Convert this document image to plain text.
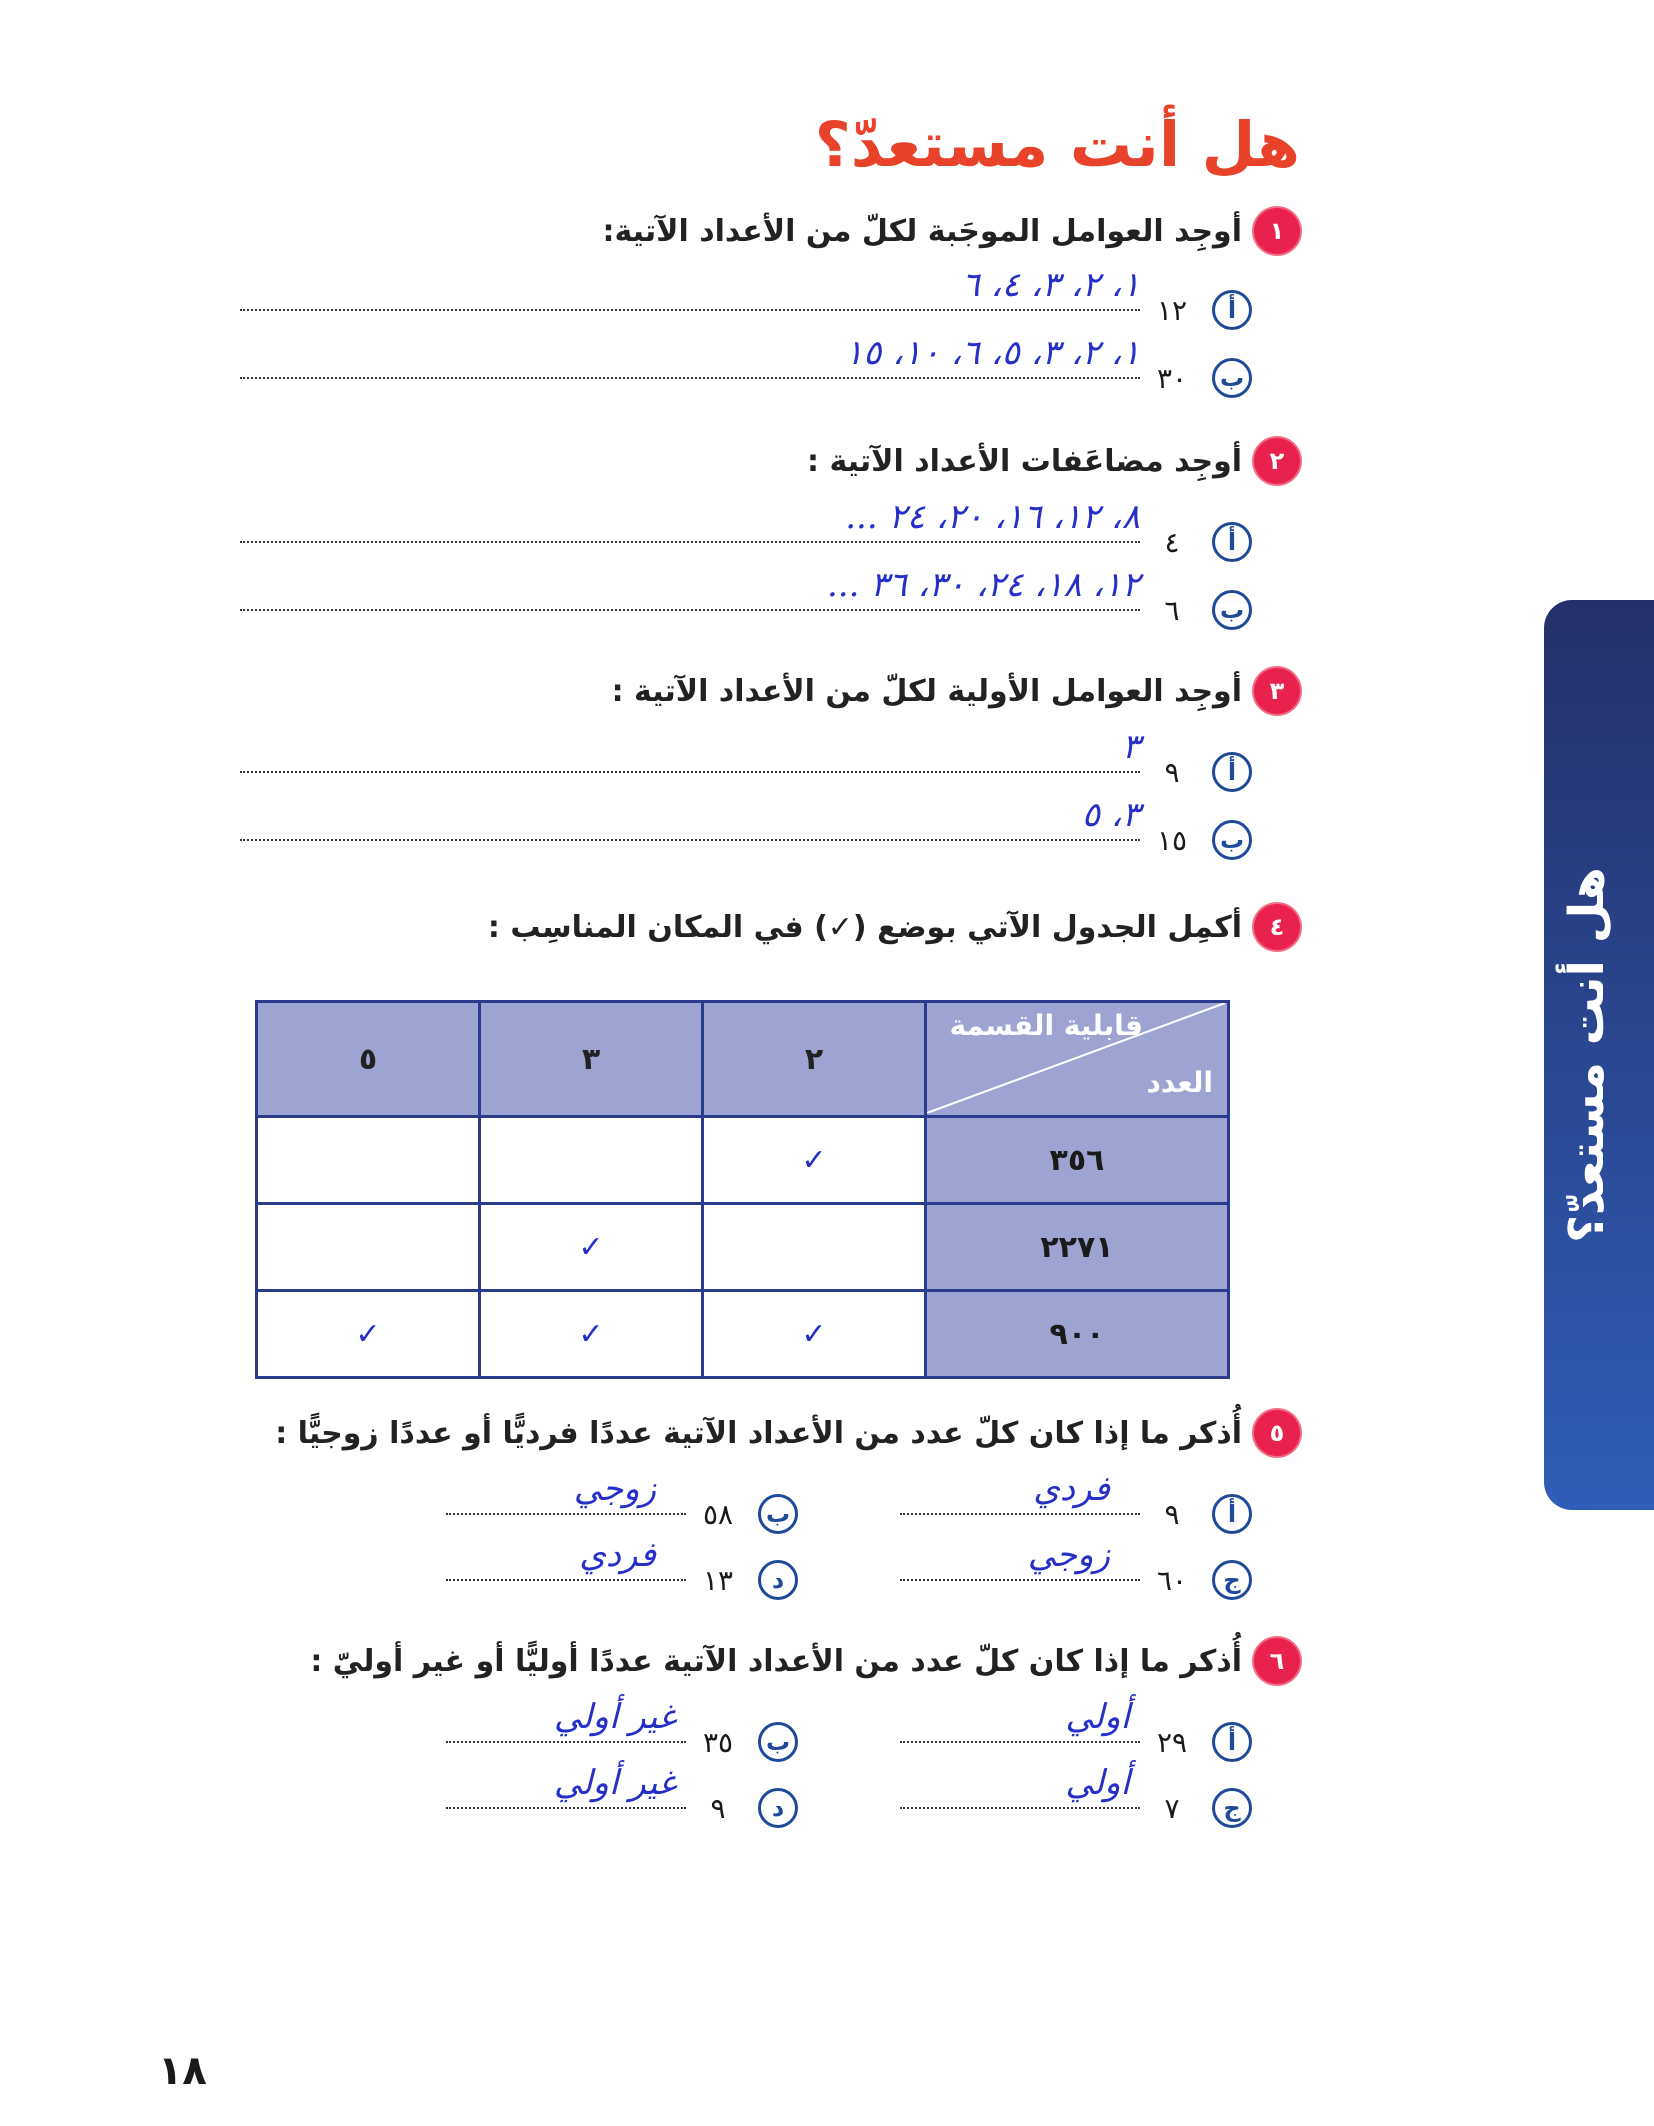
هل أنت مستعدّ؟
هل أنت مستعدّ؟
١
أوجِد العوامل الموجَبة لكلّ من الأعداد الآتية:
أ
١٢
١، ٢، ٣، ٤، ٦
ب
٣٠
١، ٢، ٣، ٥، ٦، ١٠، ١٥
٢
أوجِد مضاعَفات الأعداد الآتية :
أ
٤
٨، ١٢، ١٦، ٢٠، ٢٤ ...
ب
٦
١٢، ١٨، ٢٤، ٣٠، ٣٦ ...
٣
أوجِد العوامل الأولية لكلّ من الأعداد الآتية :
أ
٩
٣
ب
١٥
٣، ٥
٤
أكمِل الجدول الآتي بوضع (✓) في المكان المناسِب :
قابلية القسمة
العدد	٢	٣	٥
٣٥٦	✓		
٢٢٧١		✓	
٩٠٠	✓	✓	✓
٥
أُذكر ما إذا كان كلّ عدد من الأعداد الآتية عددًا فرديًّا أو عددًا زوجيًّا :
أ
٩
فردي
ب
٥٨
زوجي
ج
٦٠
زوجي
د
١٣
فردي
٦
أُذكر ما إذا كان كلّ عدد من الأعداد الآتية عددًا أوليًّا أو غير أوليّ :
أ
٢٩
أولي
ب
٣٥
غير أولي
ج
٧
أولي
د
٩
غير أولي
١٨
